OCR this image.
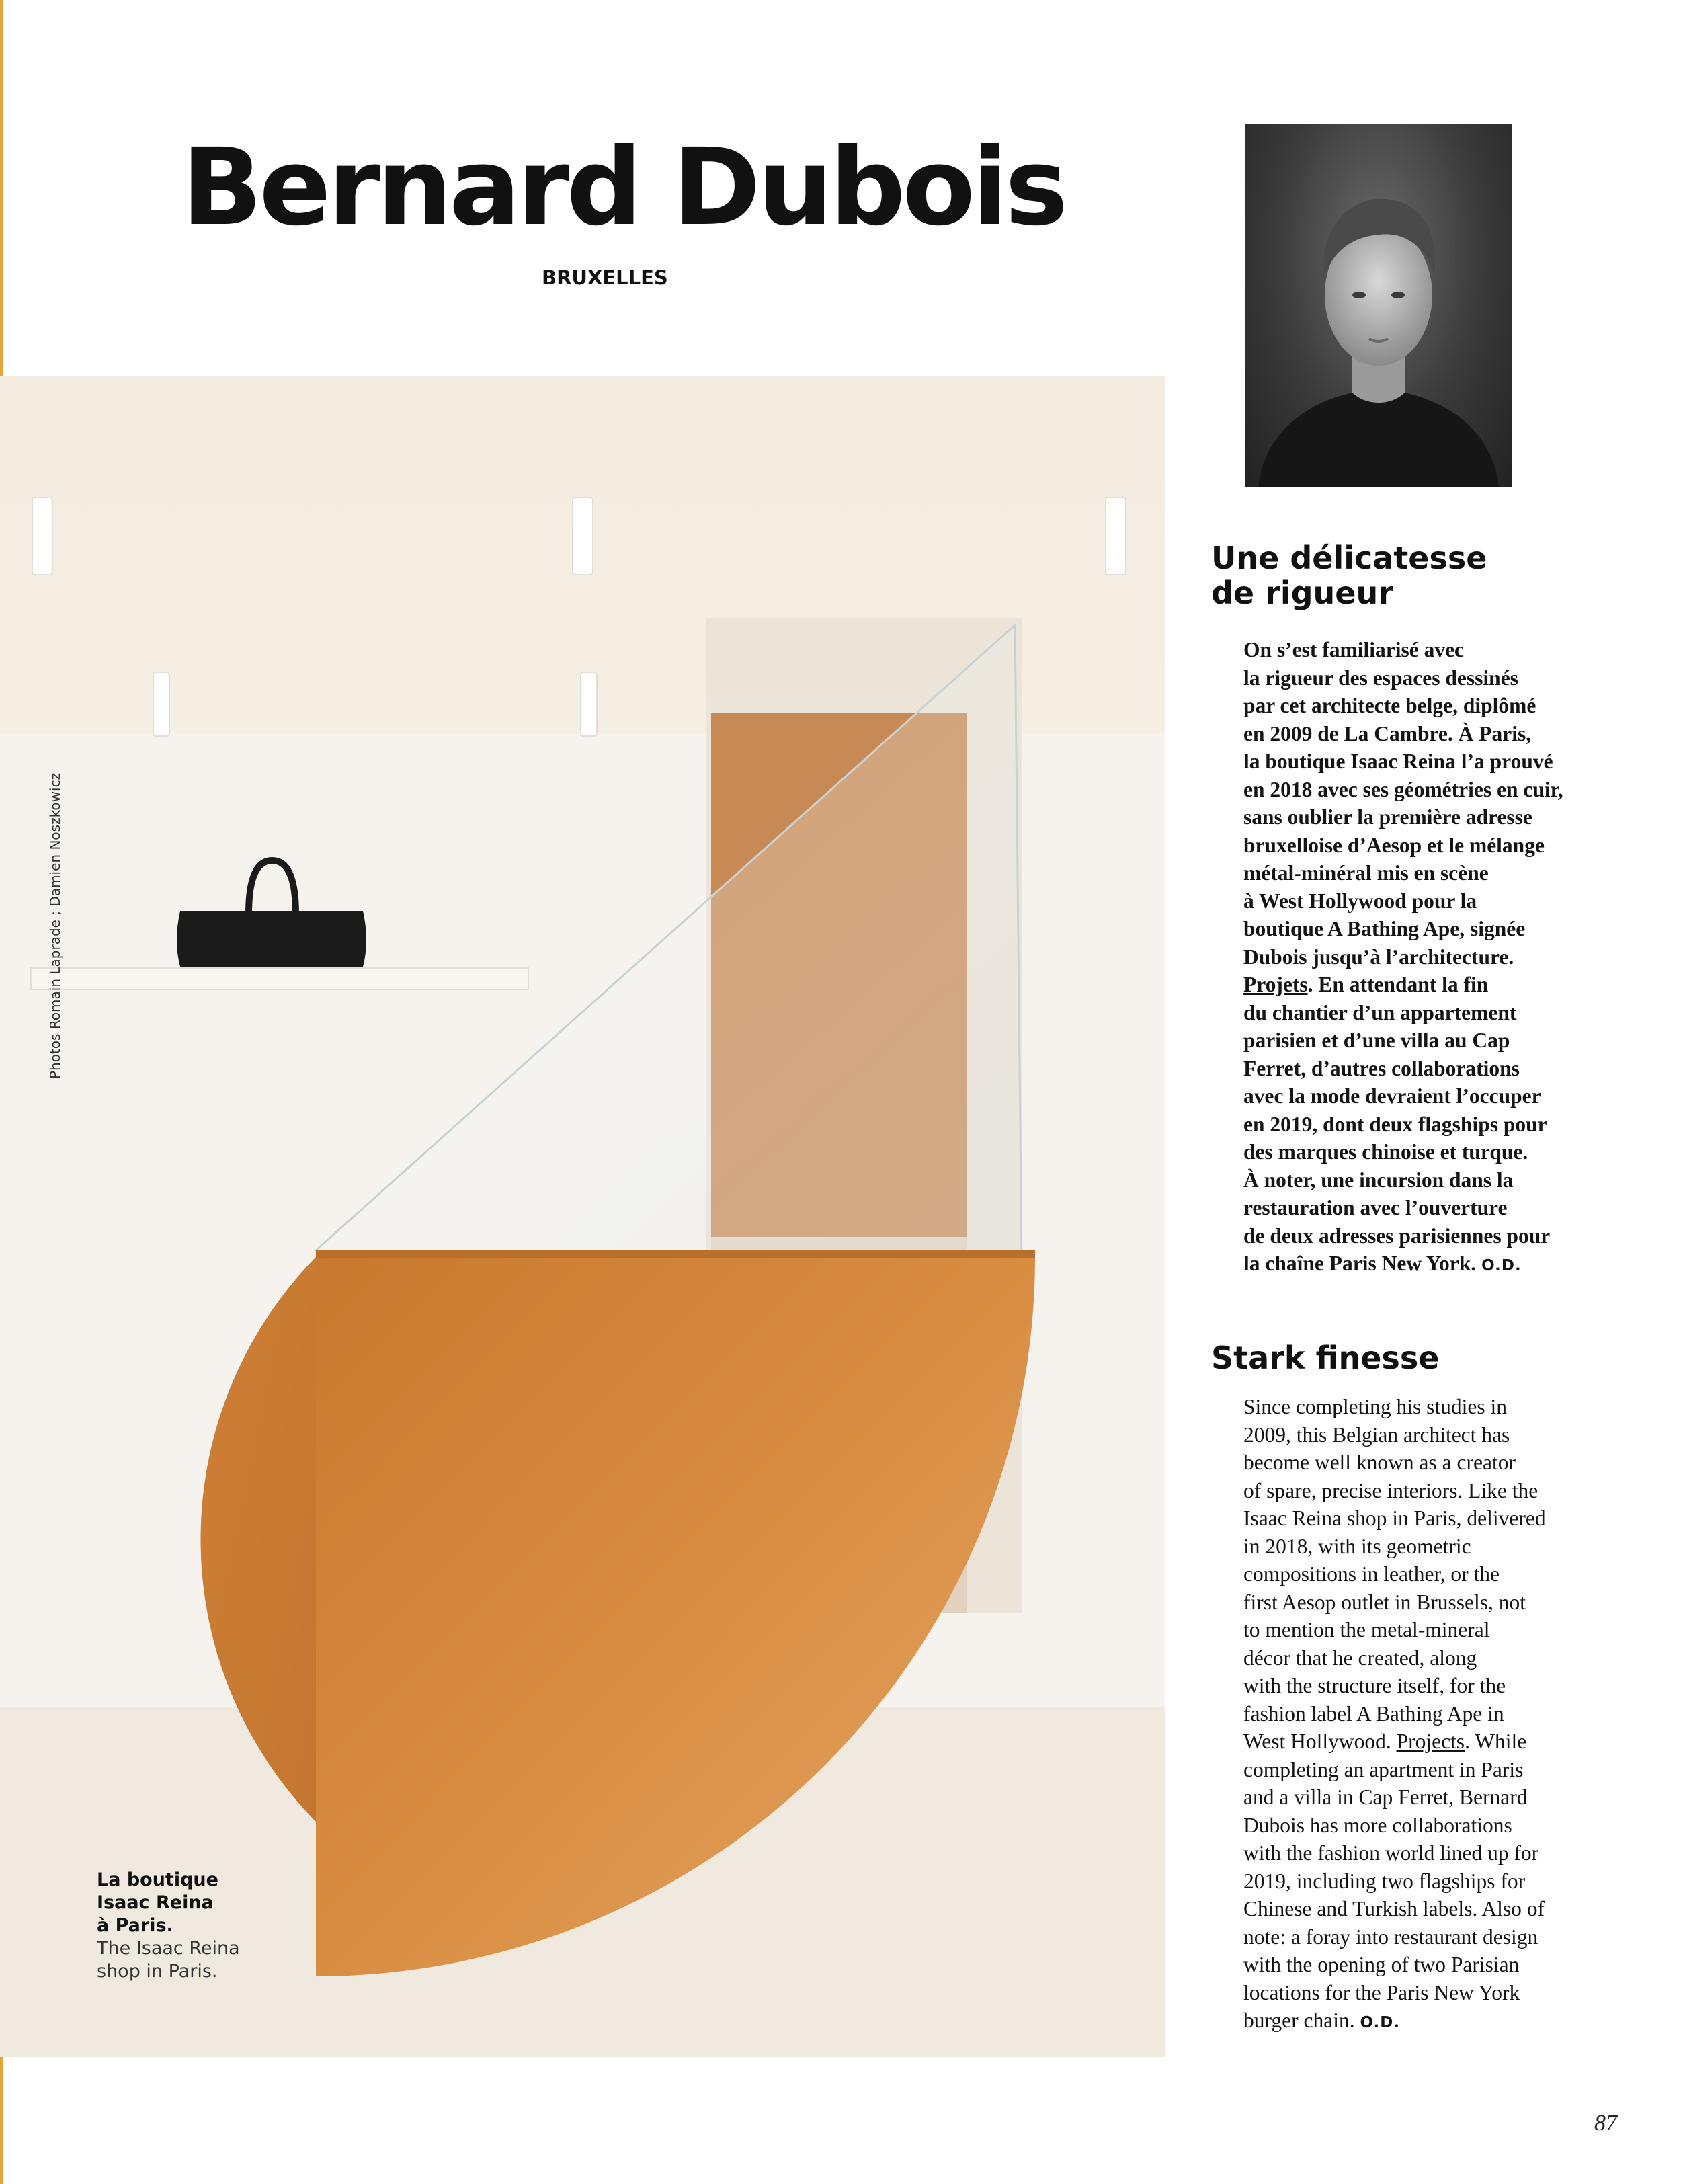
Bernard Dubois
BRUXELLES
Photos Romain Laprade ; Damien Noszkowicz
La boutique
Isaac Reina
à Paris.
The Isaac Reina
shop in Paris.
Une délicatesse
de rigueur
On s’est familiarisé avec
la rigueur des espaces dessinés
par cet architecte belge, diplômé
en 2009 de La Cambre. À Paris,
la boutique Isaac Reina l’a prouvé
en 2018 avec ses géométries en cuir,
sans oublier la première adresse
bruxelloise d’Aesop et le mélange
métal-minéral mis en scène
à West Hollywood pour la
boutique A Bathing Ape, signée
Dubois jusqu’à l’architecture.
Projets. En attendant la fin
du chantier d’un appartement
parisien et d’une villa au Cap
Ferret, d’autres collaborations
avec la mode devraient l’occuper
en 2019, dont deux flagships pour
des marques chinoise et turque.
À noter, une incursion dans la
restauration avec l’ouverture
de deux adresses parisiennes pour
la chaîne Paris New York. O.D.
Stark finesse
Since completing his studies in
2009, this Belgian architect has
become well known as a creator
of spare, precise interiors. Like the
Isaac Reina shop in Paris, delivered
in 2018, with its geometric
compositions in leather, or the
first Aesop outlet in Brussels, not
to mention the metal-mineral
décor that he created, along
with the structure itself, for the
fashion label A Bathing Ape in
West Hollywood. Projects. While
completing an apartment in Paris
and a villa in Cap Ferret, Bernard
Dubois has more collaborations
with the fashion world lined up for
2019, including two flagships for
Chinese and Turkish labels. Also of
note: a foray into restaurant design
with the opening of two Parisian
locations for the Paris New York
burger chain. O.D.
87
